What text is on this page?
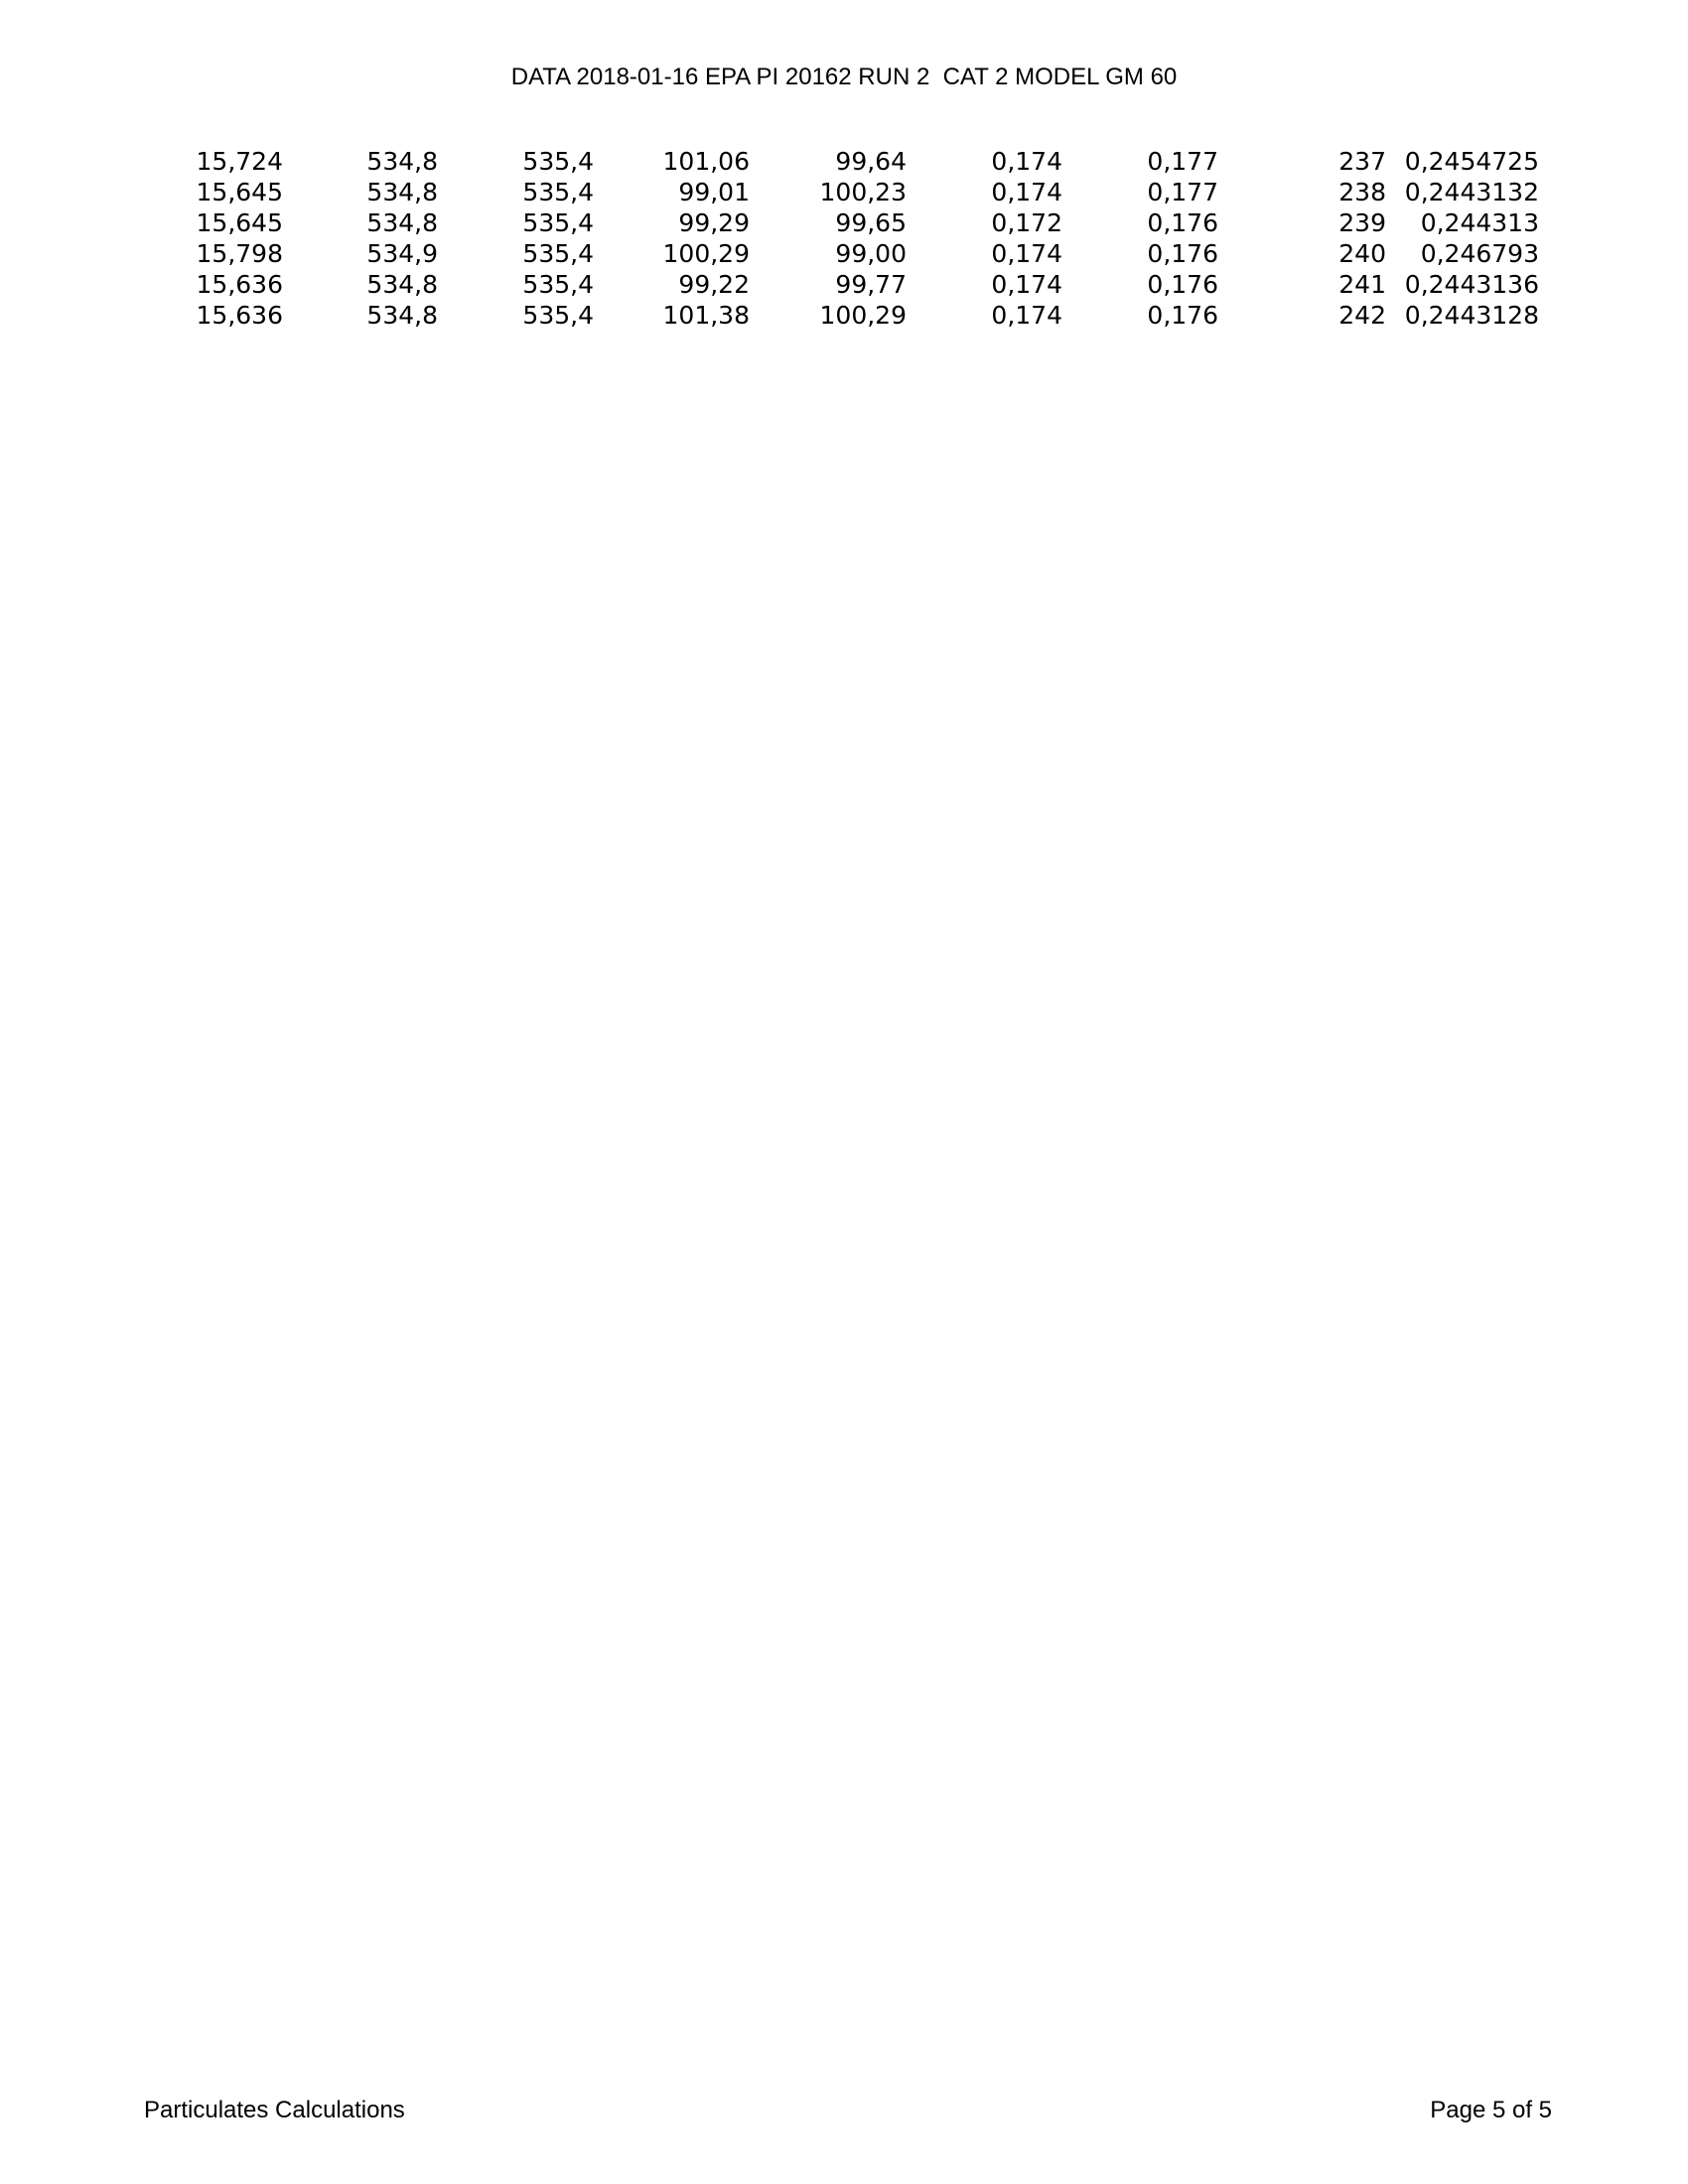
DATA 2018-01-16 EPA PI 20162 RUN 2  CAT 2 MODEL GM 60
15,724	534,8	535,4	101,06	99,64	0,174	0,177	237 0,2454725
15,645	534,8	535,4	99,01	100,23	0,174	0,177	238 0,2443132
15,645	534,8	535,4	99,29	99,65	0,172	0,176	239	0,244313
15,798	534,9	535,4	100,29	99,00	0,174	0,176	240	0,246793
15,636	534,8	535,4	99,22	99,77	0,174	0,176	241 0,2443136
15,636	534,8	535,4	101,38	100,29	0,174	0,176	242 0,2443128
Particulates Calculations	Page 5 of 5
